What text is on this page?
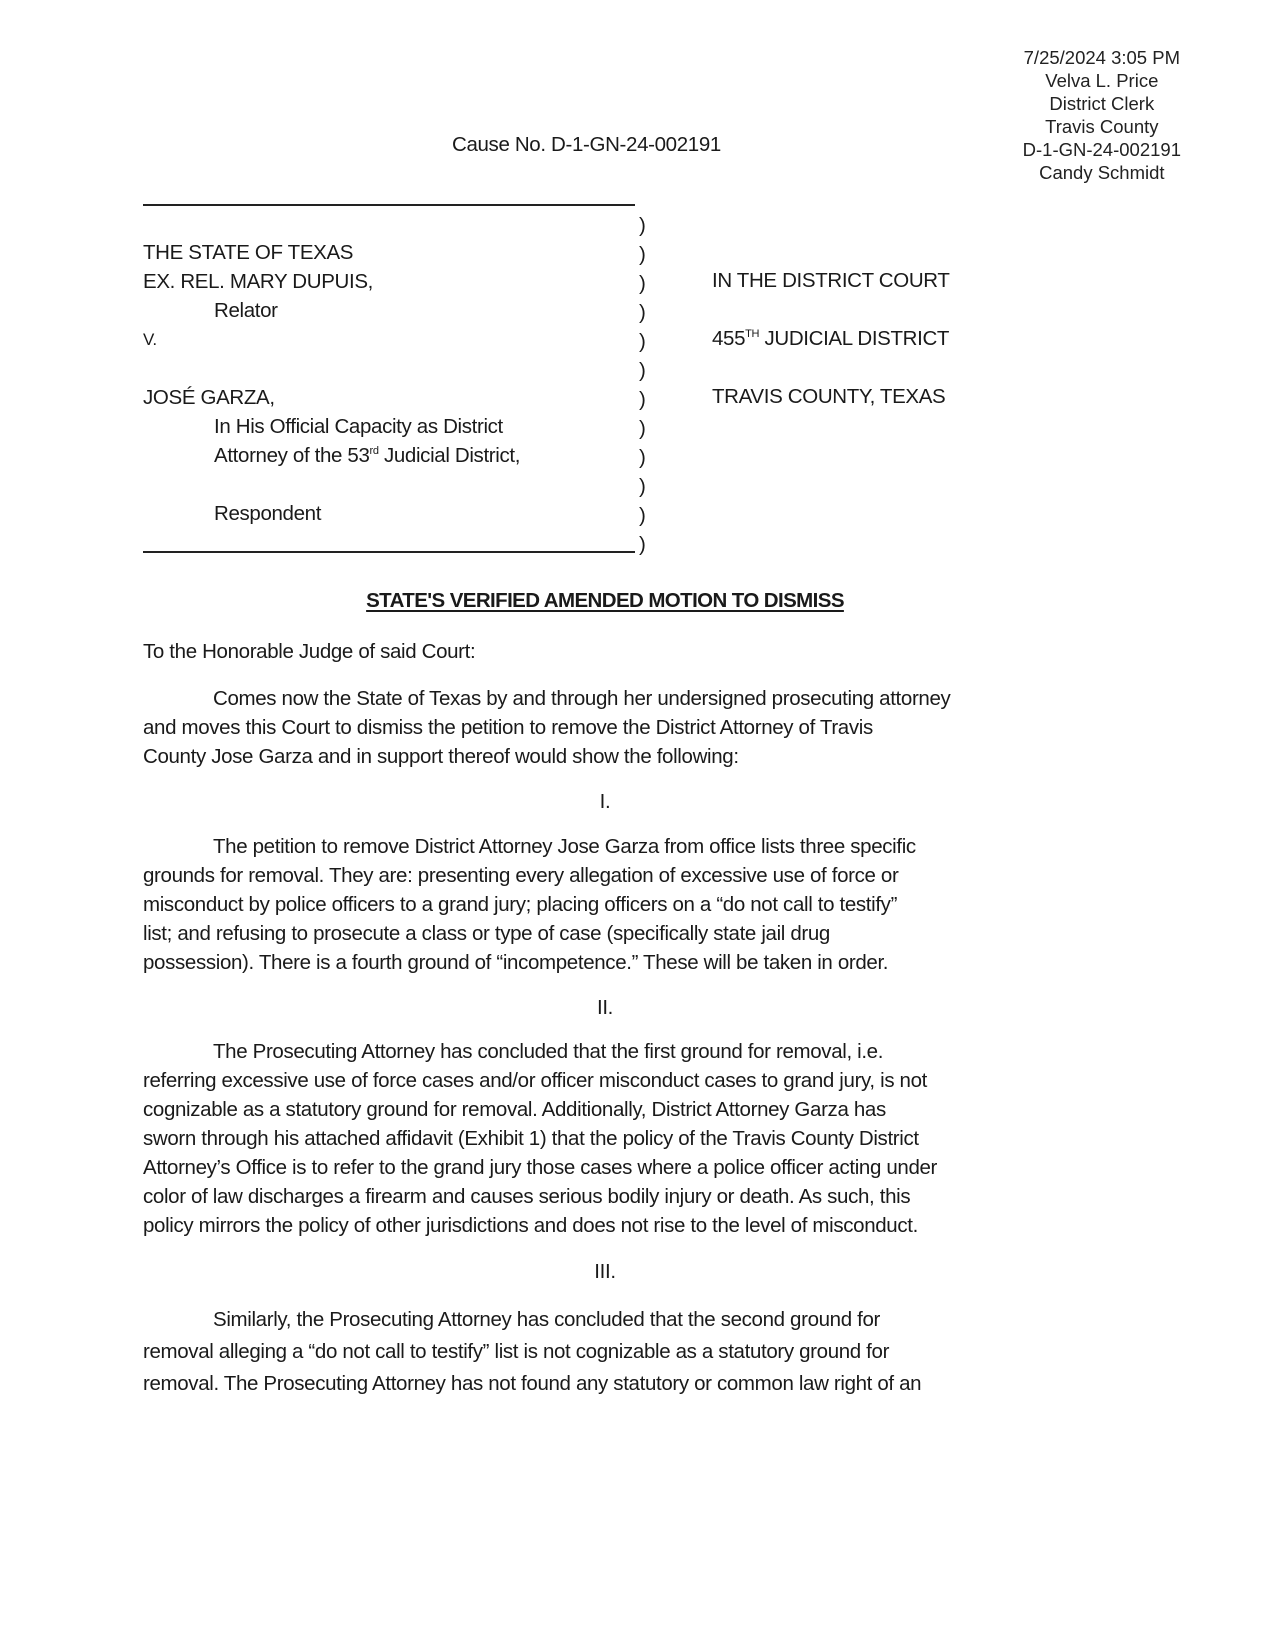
7/25/2024 3:05 PM
Velva L. Price
District Clerk
Travis County
D-1-GN-24-002191
Candy Schmidt
Cause No. D-1-GN-24-002191
)
)
)
)
)
)
)
)
)
)
)
)
THE STATE OF TEXAS
EX. REL. MARY DUPUIS,
Relator
V.
JOSÉ GARZA,
In His Official Capacity as District
Attorney of the 53rd Judicial District,
Respondent
IN THE DISTRICT COURT
455TH JUDICIAL DISTRICT
TRAVIS COUNTY, TEXAS
STATE'S VERIFIED AMENDED MOTION TO DISMISS
To the Honorable Judge of said Court:
Comes now the State of Texas by and through her undersigned prosecuting attorney
and moves this Court to dismiss the petition to remove the District Attorney of Travis
County Jose Garza and in support thereof would show the following:
I.
The petition to remove District Attorney Jose Garza from office lists three specific
grounds for removal. They are: presenting every allegation of excessive use of force or
misconduct by police officers to a grand jury; placing officers on a “do not call to testify”
list; and refusing to prosecute a class or type of case (specifically state jail drug
possession). There is a fourth ground of “incompetence.” These will be taken in order.
II.
The Prosecuting Attorney has concluded that the first ground for removal, i.e.
referring excessive use of force cases and/or officer misconduct cases to grand jury, is not
cognizable as a statutory ground for removal. Additionally, District Attorney Garza has
sworn through his attached affidavit (Exhibit 1) that the policy of the Travis County District
Attorney’s Office is to refer to the grand jury those cases where a police officer acting under
color of law discharges a firearm and causes serious bodily injury or death. As such, this
policy mirrors the policy of other jurisdictions and does not rise to the level of misconduct.
III.
Similarly, the Prosecuting Attorney has concluded that the second ground for
removal alleging a “do not call to testify” list is not cognizable as a statutory ground for
removal. The Prosecuting Attorney has not found any statutory or common law right of an
